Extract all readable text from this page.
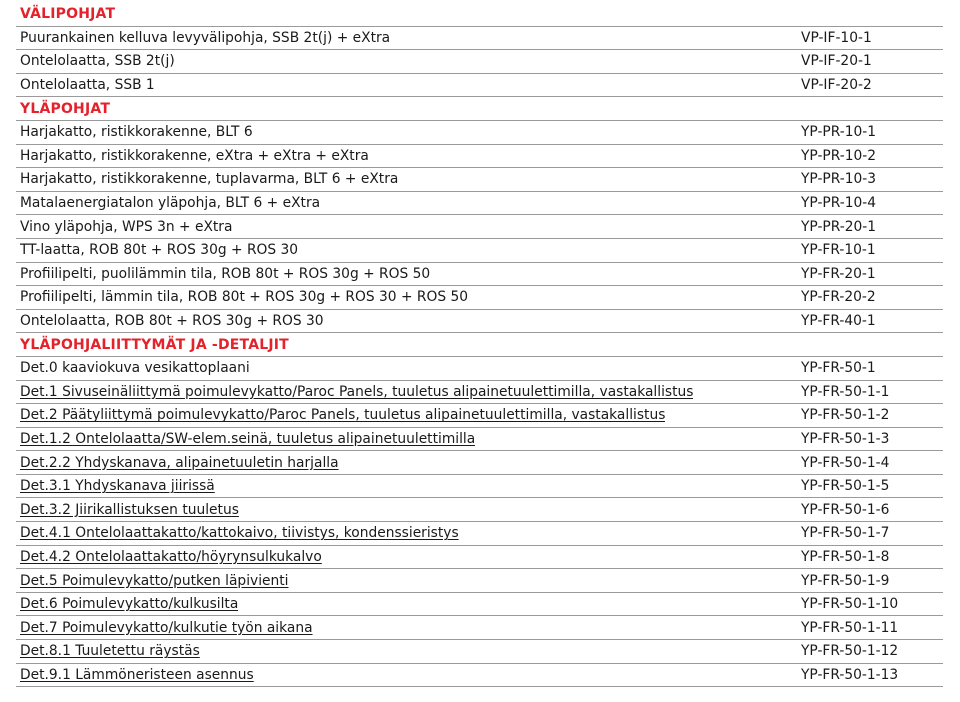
VÄLIPOHJAT
Puurankainen kelluva levyvälipohja, SSB 2t(j) + eXtra	VP-IF-10-1
Ontelolaatta, SSB 2t(j)	VP-IF-20-1
Ontelolaatta, SSB 1	VP-IF-20-2
YLÄPOHJAT
Harjakatto, ristikkorakenne, BLT 6	YP-PR-10-1
Harjakatto, ristikkorakenne, eXtra + eXtra + eXtra	YP-PR-10-2
Harjakatto, ristikkorakenne, tuplavarma, BLT 6 + eXtra	YP-PR-10-3
Matalaenergiatalon yläpohja, BLT 6 + eXtra	YP-PR-10-4
Vino yläpohja, WPS 3n + eXtra	YP-PR-20-1
TT-laatta, ROB 80t + ROS 30g + ROS 30	YP-FR-10-1
Profiilipelti, puolilämmin tila, ROB 80t + ROS 30g + ROS 50	YP-FR-20-1
Profiilipelti, lämmin tila, ROB 80t + ROS 30g + ROS 30 + ROS 50	YP-FR-20-2
Ontelolaatta, ROB 80t + ROS 30g + ROS 30	YP-FR-40-1
YLÄPOHJALIITTYMÄT JA -DETALJIT
Det.0 kaaviokuva vesikattoplaani	YP-FR-50-1
Det.1 Sivuseinäliittymä poimulevykatto/Paroc Panels, tuuletus alipainetuulettimilla, vastakallistus	YP-FR-50-1-1
Det.2 Päätyliittymä poimulevykatto/Paroc Panels, tuuletus alipainetuulettimilla, vastakallistus	YP-FR-50-1-2
Det.1.2 Ontelolaatta/SW-elem.seinä, tuuletus alipainetuulettimilla	YP-FR-50-1-3
Det.2.2 Yhdyskanava, alipainetuuletin harjalla	YP-FR-50-1-4
Det.3.1 Yhdyskanava jiirissä	YP-FR-50-1-5
Det.3.2 Jiirikallistuksen tuuletus	YP-FR-50-1-6
Det.4.1 Ontelolaattakatto/kattokaivo, tiivistys, kondenssieristys	YP-FR-50-1-7
Det.4.2 Ontelolaattakatto/höyrynsulkukalvo	YP-FR-50-1-8
Det.5 Poimulevykatto/putken läpivienti	YP-FR-50-1-9
Det.6 Poimulevykatto/kulkusilta	YP-FR-50-1-10
Det.7 Poimulevykatto/kulkutie työn aikana	YP-FR-50-1-11
Det.8.1 Tuuletettu räystäs	YP-FR-50-1-12
Det.9.1 Lämmöneristeen asennus	YP-FR-50-1-13
